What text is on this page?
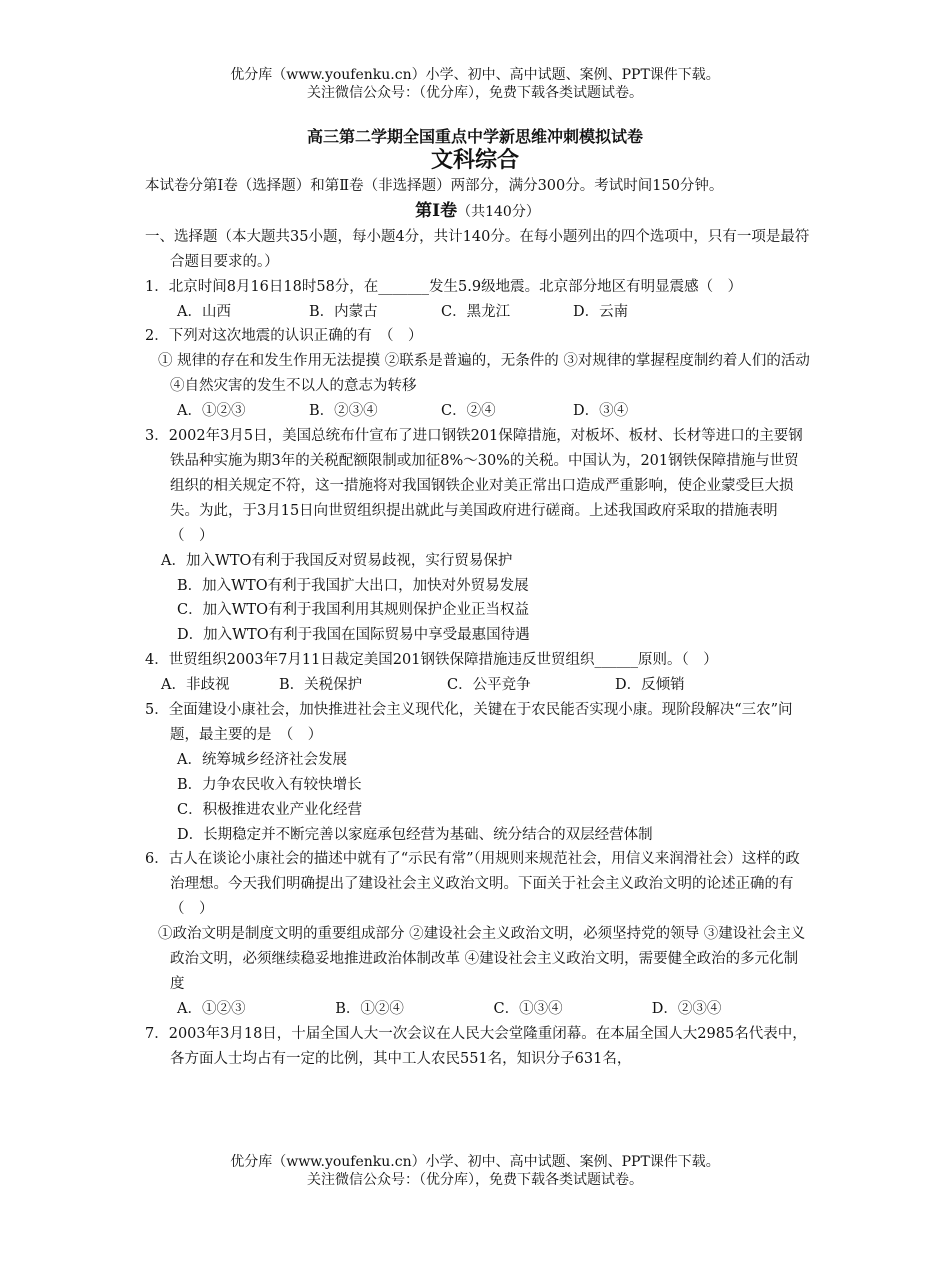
优分库（www.youfenku.cn）小学、初中、高中试题、案例、PPT课件下载。
关注微信公众号：（优分库），免费下载各类试题试卷。
高三第二学期全国重点中学新思维冲刺模拟试卷
文科综合

本试卷分第Ⅰ卷（选择题）和第Ⅱ卷（非选择题）两部分，满分300分。考试时间150分钟。

第Ⅰ卷（共140分）

一、选择题（本大题共35小题，每小题4分，共计140分。在每小题列出的四个选项中，只有一项是最符合题目要求的。）

1．北京时间8月16日18时58分，在_______发生5.9级地震。北京部分地区有明显震感（　）

A．山西	B．内蒙古	C．黑龙江	D．云南

2．下列对这次地震的认识正确的有　（　）

① 规律的存在和发生作用无法提摸 ②联系是普遍的，无条件的 ③对规律的掌握程度制约着人们的活动 ④自然灾害的发生不以人的意志为转移

A．①②③	B．②③④	C．②④	D．③④

3．2002年3月5日，美国总统布什宣布了进口钢铁201保障措施，对板坏、板材、长材等进口的主要钢铁品种实施为期3年的关税配额限制或加征8%～30%的关税。中国认为，201钢铁保障措施与世贸组织的相关规定不符，这一措施将对我国钢铁企业对美正常出口造成严重影响，使企业蒙受巨大损失。为此，于3月15日向世贸组织提出就此与美国政府进行磋商。上述我国政府采取的措施表明　（　）

A．加入WTO有利于我国反对贸易歧视，实行贸易保护

B．加入WTO有利于我国扩大出口，加快对外贸易发展

C．加入WTO有利于我国利用其规则保护企业正当权益

D．加入WTO有利于我国在国际贸易中享受最惠国待遇

4．世贸组织2003年7月11日裁定美国201钢铁保障措施违反世贸组织______原则。（　）

A．非歧视	B．关税保护	C．公平竞争	D．反倾销

5．全面建设小康社会，加快推进社会主义现代化，关键在于农民能否实现小康。现阶段解决“三农”问题，最主要的是　（　）

A．统筹城乡经济社会发展

B．力争农民收入有较快增长

C．积极推进农业产业化经营

D．长期稳定并不断完善以家庭承包经营为基础、统分结合的双层经营体制

6．古人在谈论小康社会的描述中就有了“示民有常”（用规则来规范社会，用信义来润滑社会）这样的政治理想。今天我们明确提出了建设社会主义政治文明。下面关于社会主义政治文明的论述正确的有　（　）

①政治文明是制度文明的重要组成部分 ②建设社会主义政治文明，必须坚持党的领导 ③建设社会主义政治文明，必须继续稳妥地推进政治体制改革 ④建设社会主义政治文明，需要健全政治的多元化制度

A．①②③	B．①②④	C．①③④	D．②③④

7．2003年3月18日，十届全国人大一次会议在人民大会堂隆重闭幕。在本届全国人大2985名代表中，各方面人士均占有一定的比例，其中工人农民551名，知识分子631名，

优分库（www.youfenku.cn）小学、初中、高中试题、案例、PPT课件下载。
关注微信公众号：（优分库），免费下载各类试题试卷。
